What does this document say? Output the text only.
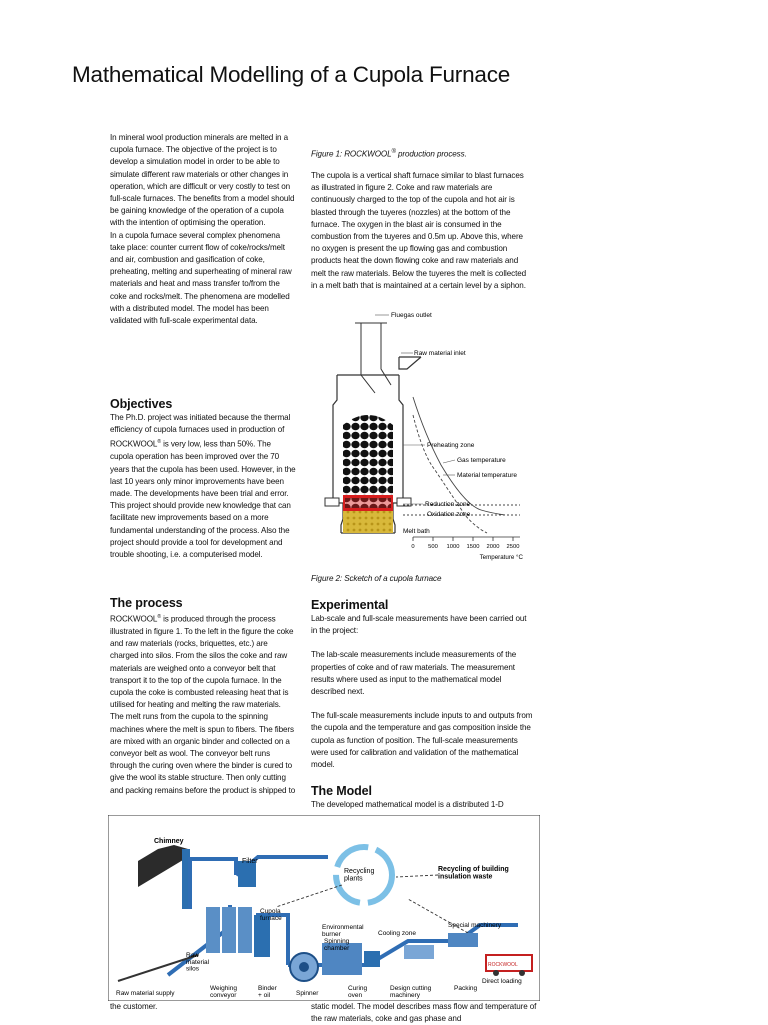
Mathematical Modelling of a Cupola Furnace

In mineral wool production minerals are melted in a cupola furnace. The objective of the project is to develop a simulation model in order to be able to simulate different raw materials or other changes in operation, which are difficult or very costly to test on full-scale furnaces. The benefits from a model should be gaining knowledge of the operation of a cupola with the intention of optimising the operation.

In a cupola furnace several complex phenomena take place: counter current flow of coke/rocks/melt and air, combustion and gasification of coke, preheating, melting and superheating of mineral raw materials and heat and mass transfer to/from the coke and rocks/melt. The phenomena are modelled with a distributed model. The model has been validated with full-scale experimental data.

Objectives

The Ph.D. project was initiated because the thermal efficiency of cupola furnaces used in production of ROCKWOOL® is very low, less than 50%. The cupola operation has been improved over the 70 years that the cupola has been used. However, in the last 10 years only minor improvements have been made. The developments have been trial and error. This project should provide new knowledge that can facilitate new improvements based on a more fundamental understanding of the process. Also the project should provide a tool for development and trouble shooting, i.e. a computerised model.

The process

ROCKWOOL® is produced through the process illustrated in figure 1. To the left in the figure the coke and raw materials (rocks, briquettes, etc.) are charged into silos. From the silos the coke and raw materials are weighed onto a conveyor belt that transport it to the top of the cupola furnace. In the cupola the coke is combusted releasing heat that is utilised for heating and melting the raw materials. The melt runs from the cupola to the spinning machines where the melt is spun to fibers. The fibers are mixed with an organic binder and collected on a conveyor belt as wool. The conveyor belt runs through the curing oven where the binder is cured to give the wool its stable structure. Then only cutting and packing remains before the product is shipped to

the customer.
Figure 1: ROCKWOOL® production process.
The cupola is a vertical shaft furnace similar to blast furnaces as illustrated in figure 2. Coke and raw materials are continuously charged to the top of the cupola and hot air is blasted through the tuyeres (nozzles) at the bottom of the furnace. The oxygen in the blast air is consumed in the combustion from the tuyeres and 0.5m up. Above this, where no oxygen is present the up flowing gas and combustion products heat the down flowing coke and raw materials and melt the raw materials. Below the tuyeres the melt is collected in a melt bath that is maintained at a certain level by a siphon.
Fluegas outlet
Raw material inlet
Preheating zone
Gas temperature
Material temperature
Reduction zone
Oxidation zone
Melt bath
0 500 1000 1500 2000 2500
Temperature °C
Figure 2: Scketch of a cupola furnace

Experimental

Lab-scale and full-scale measurements have been carried out in the project:

The lab-scale measurements include measurements of the properties of coke and of raw materials. The measurement results where used as input to the mathematical model described next.

The full-scale measurements include inputs to and outputs from the cupola and the temperature and gas composition inside the cupola as function of position. The full-scale measurements were used for calibration and validation of the mathematical model.

The Model

The developed mathematical model is a distributed 1-D

static model. The model describes mass flow and temperature of the raw materials, coke and gas phase and
Chimney
Filter
Recycling plants
Recycling of building insulation waste
ROCKWOOL
Cupola furnace
Environmental burner	Cooling zone
Special machinery
Spinning chamber
Raw material silos
Direct loading
Raw material supply
Weighing conveyor
Binder + oil	Spinner
Curing oven
Design cutting machinery
Packing
